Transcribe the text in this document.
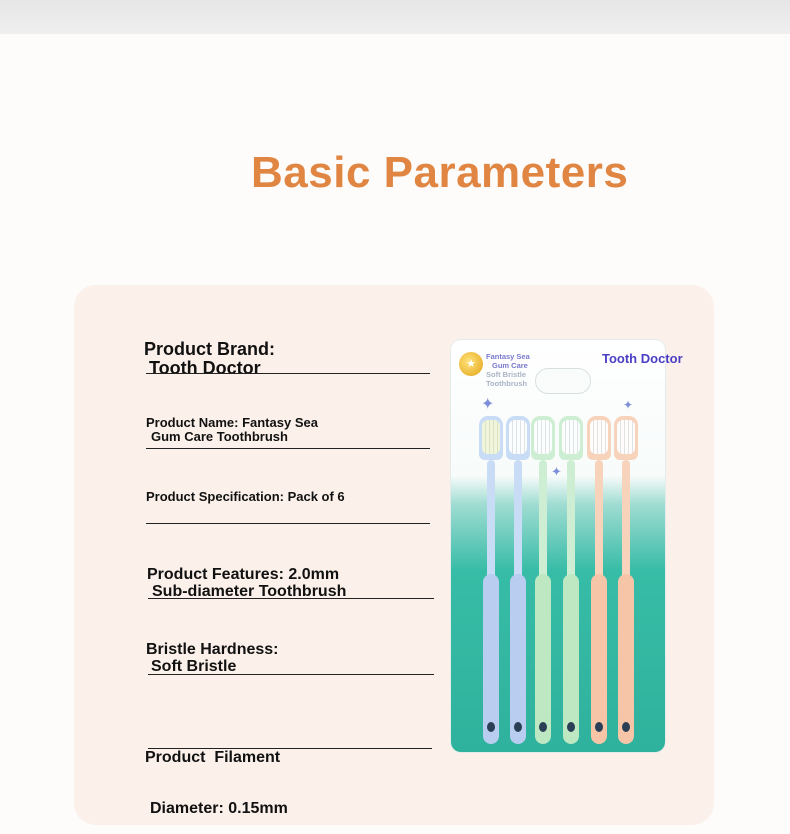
Basic Parameters
Product Brand:
Tooth Doctor
Product Name: Fantasy Sea
Gum Care Toothbrush
Product Specification: Pack of 6
Product Features: 2.0mm
Sub-diameter Toothbrush
Bristle Hardness:
Soft Bristle

Product  Filament

Diameter: 0.15mm

★
Fantasy Sea
Gum Care
Soft Bristle
Toothbrush
Tooth Doctor
✦	✦
✦
